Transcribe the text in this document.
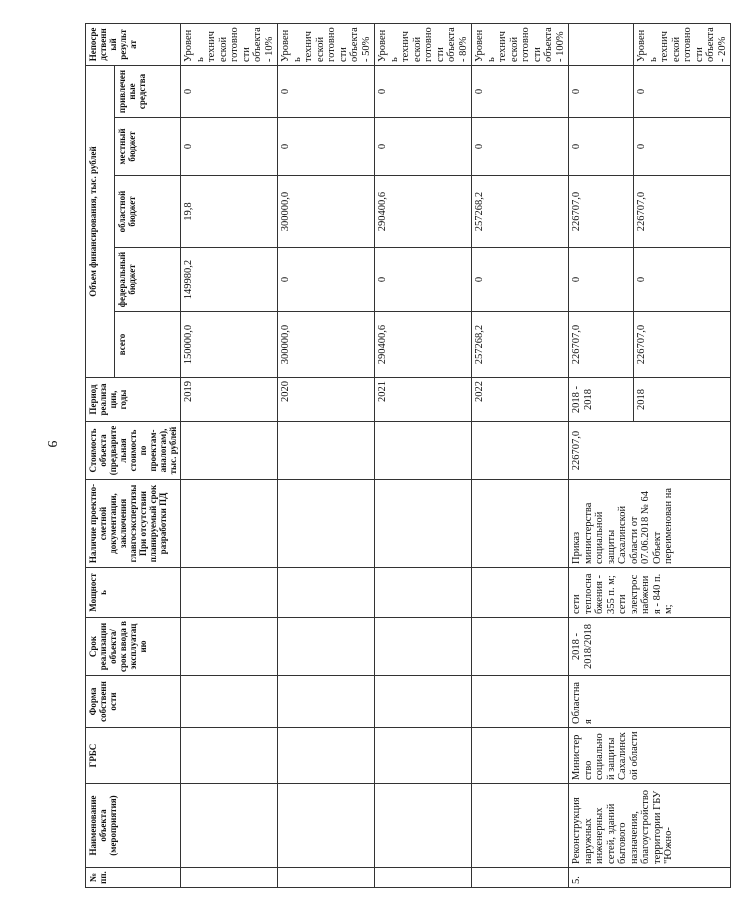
9
№ пп.	Наименование объекта (мероприятия)	ГРБС	Форма собственности	Срок реализации объекта/срок ввода в эксплуатацию	Мощность	Наличие проектно-сметной документации, заключения главгосэкспертизы При отсутствии планируемый срок разработки ПД	Стоимость объекта (предварительная стоимость по проектам-аналогам), тыс. рублей	Период реализации, годы	Объем финансирования, тыс. рублей					Непосредственный результат
									всего	федеральный бюджет	областной бюджет	местный бюджет	привлеченные средства	
								2019	150000,0	149980,2	19,8	0	0	Уровень технической готовности объекта - 10%
								2020	300000,0	0	300000,0	0	0	Уровень технической готовности объекта - 50%
								2021	290400,6	0	290400,6	0	0	Уровень технической готовности объекта - 80%
								2022	257268,2	0	257268,2	0	0	Уровень технической готовности объекта - 100%
5.	Реконструкция наружных инженерных сетей, зданий бытового назначения, благоустройство территории ГБУ "Южно-	Министерство социальной защиты Сахалинской области	Областная	2018 - 2018/2018	сети теплоснабжения - 355 п. м; сети электроснабжения - 840 п. м;	Приказ министерства социальной защиты Сахалинской области от 07.06.2018 № 64 Объект переименован на	226707,0	2018 - 2018	226707,0	0	226707,0	0	0	
								2018	226707,0	0	226707,0	0	0	Уровень технической готовности объекта - 20%
